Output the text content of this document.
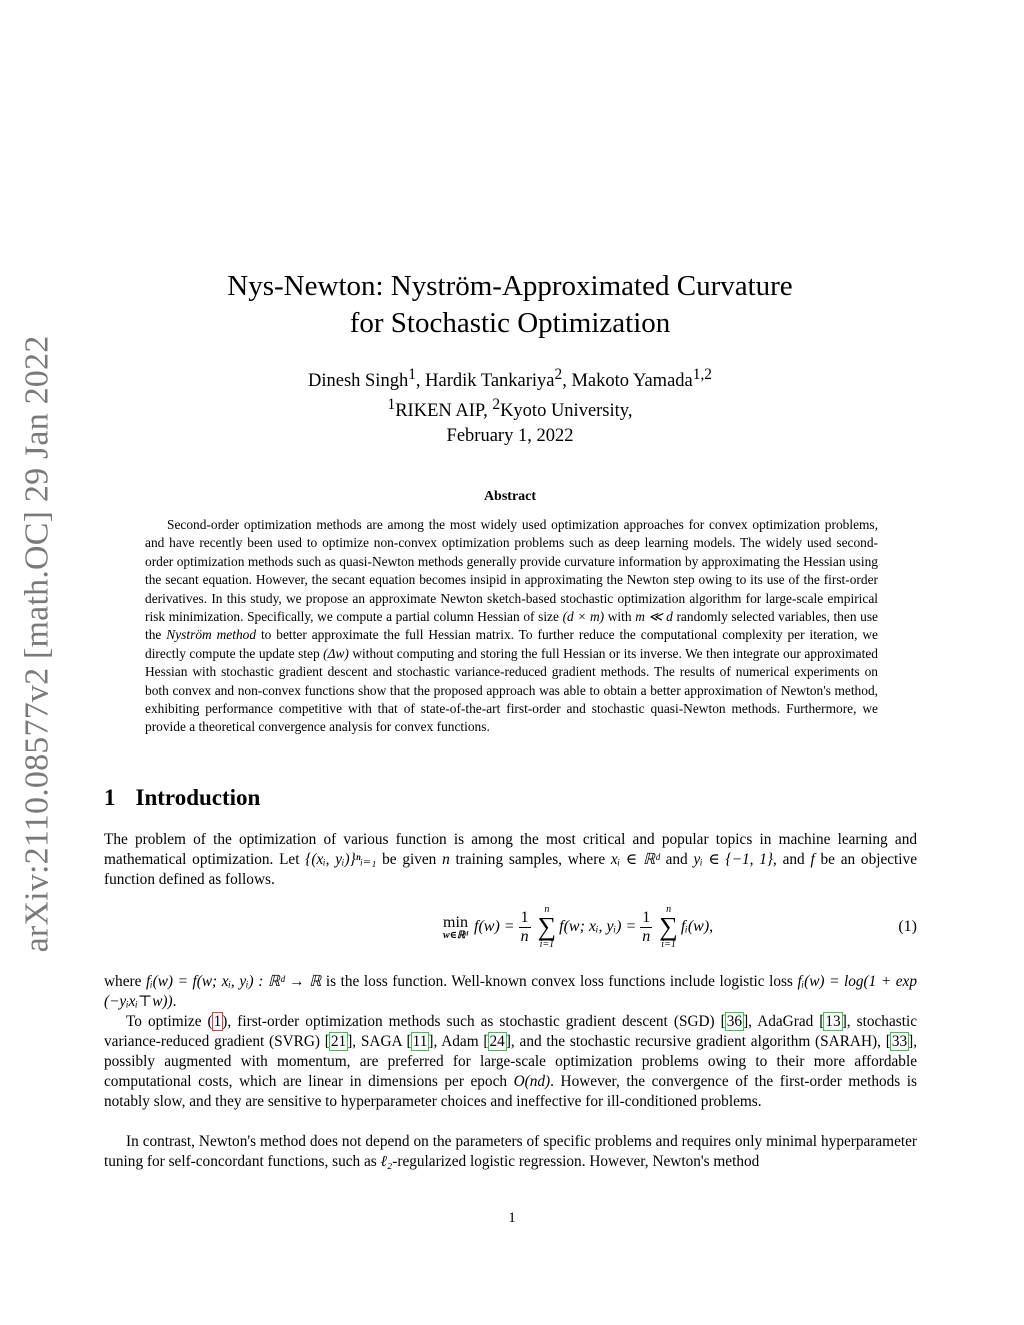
arXiv:2110.08577v2 [math.OC] 29 Jan 2022
Nys-Newton: Nyström-Approximated Curvature
for Stochastic Optimization
Dinesh Singh$^1$, Hardik Tankariya$^2$, Makoto Yamada$^{1,2}$
$^1$RIKEN AIP, $^2$Kyoto University,
February 1, 2022
Abstract
Second-order optimization methods are among the most widely used optimization approaches for convex optimization problems, and have recently been used to optimize non-convex optimization problems such as deep learning models. The widely used second-order optimization methods such as quasi-Newton methods generally provide curvature information by approximating the Hessian using the secant equation. However, the secant equation becomes insipid in approximating the Newton step owing to its use of the first-order derivatives. In this study, we propose an approximate Newton sketch-based stochastic optimization algorithm for large-scale empirical risk minimization. Specifically, we compute a partial column Hessian of size (d × m) with m ≪ d randomly selected variables, then use the Nyström method to better approximate the full Hessian matrix. To further reduce the computational complexity per iteration, we directly compute the update step (Δw) without computing and storing the full Hessian or its inverse. We then integrate our approximated Hessian with stochastic gradient descent and stochastic variance-reduced gradient methods. The results of numerical experiments on both convex and non-convex functions show that the proposed approach was able to obtain a better approximation of Newton's method, exhibiting performance competitive with that of state-of-the-art first-order and stochastic quasi-Newton methods. Furthermore, we provide a theoretical convergence analysis for convex functions.
1 Introduction
The problem of the optimization of various function is among the most critical and popular topics in machine learning and mathematical optimization. Let {(xᵢ, yᵢ)}ⁿᵢ₌₁ be given n training samples, where xᵢ ∈ ℝᵈ and yᵢ ∈ {−1, 1}, and f be an objective function defined as follows.
min
w∈ℝᵈ $f(w) = \frac{1}{n}$ n
∑
i=1
f(w; xᵢ, yᵢ) = $\frac{1}{n}$ n
∑
i=1
fᵢ(w),	(1)
where fᵢ(w) = f(w; xᵢ, yᵢ) : ℝᵈ → ℝ is the loss function. Well-known convex loss functions include logistic loss fᵢ(w) = log(1 + exp (−yᵢxᵢ⊤w)).
To optimize (1), first-order optimization methods such as stochastic gradient descent (SGD) [36], AdaGrad [13], stochastic variance-reduced gradient (SVRG) [21], SAGA [11], Adam [24], and the stochastic recursive gradient algorithm (SARAH), [33], possibly augmented with momentum, are preferred for large-scale optimization problems owing to their more affordable computational costs, which are linear in dimensions per epoch O(nd). However, the convergence of the first-order methods is notably slow, and they are sensitive to hyperparameter choices and ineffective for ill-conditioned problems.
In contrast, Newton's method does not depend on the parameters of specific problems and requires only minimal hyperparameter tuning for self-concordant functions, such as ℓ₂-regularized logistic regression. However, Newton's method
1
